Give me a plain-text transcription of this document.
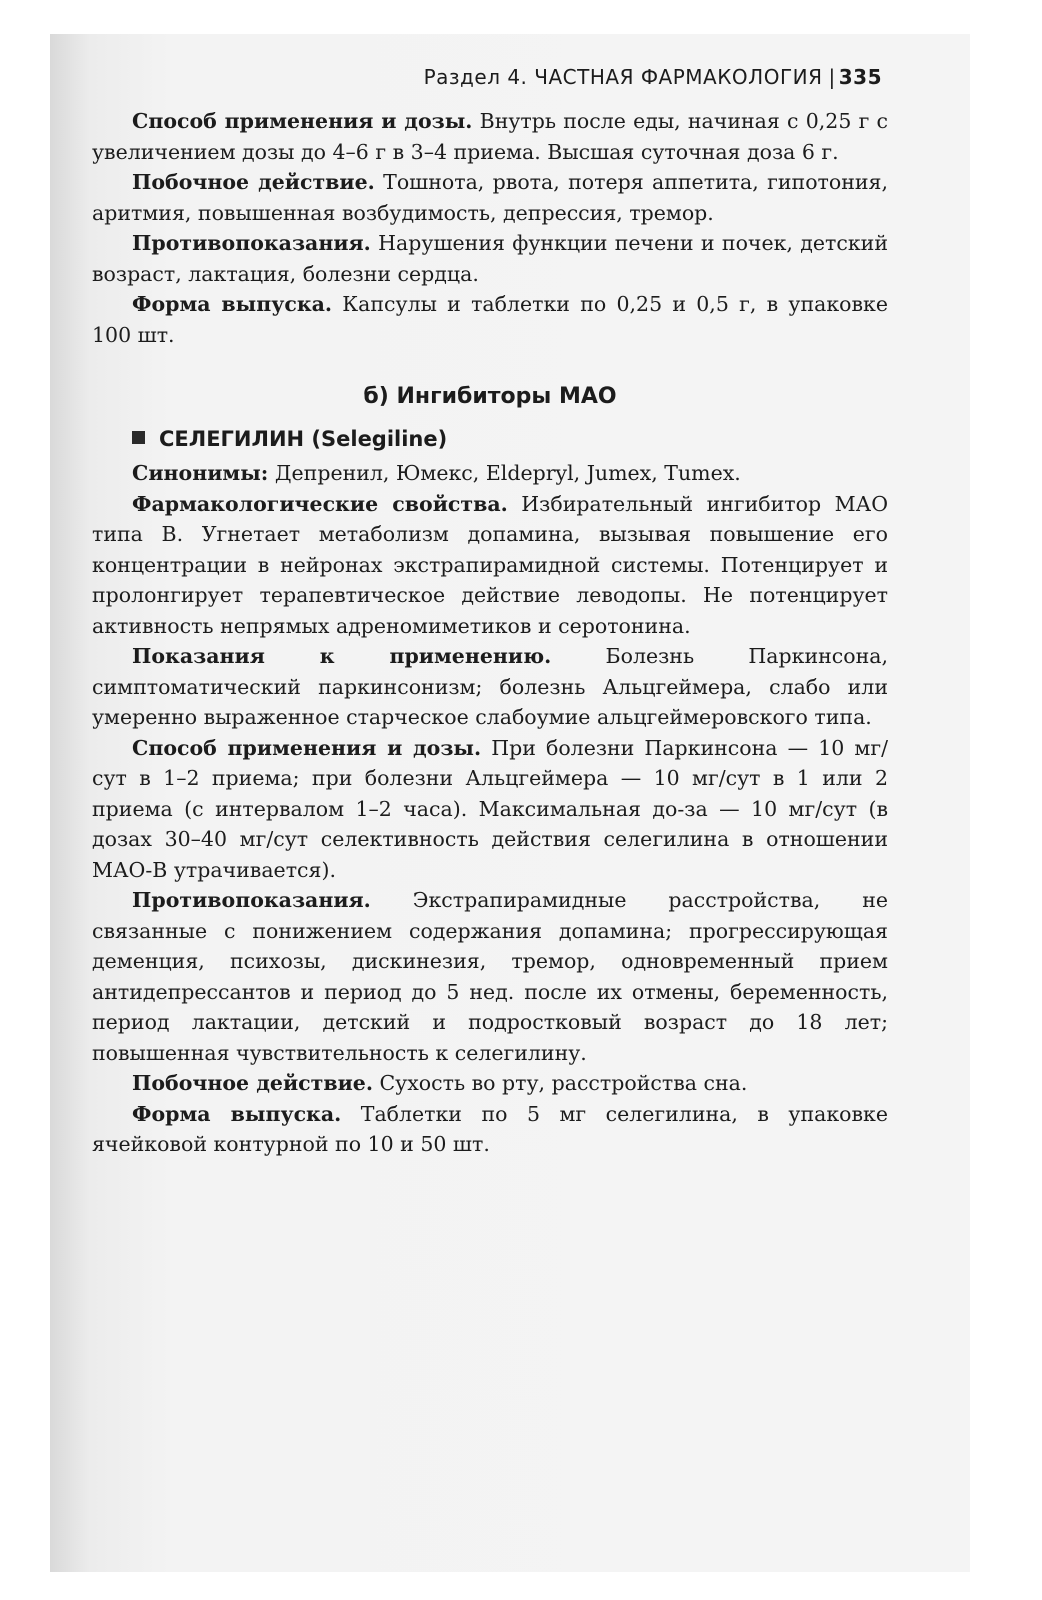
Раздел 4. ЧАСТНАЯ ФАРМАКОЛОГИЯ | 335

Способ применения и дозы. Внутрь после еды, начиная с 0,25 г с увеличением дозы до 4–6 г в 3–4 приема. Высшая суточная доза 6 г.

Побочное действие. Тошнота, рвота, потеря аппетита, гипотония, аритмия, повышенная возбудимость, депрессия, тремор.

Противопоказания. Нарушения функции печени и почек, детский возраст, лактация, болезни сердца.

Форма выпуска. Капсулы и таблетки по 0,25 и 0,5 г, в упаковке 100 шт.

б) Ингибиторы МАО
СЕЛЕГИЛИН (Selegiline)

Синонимы: Депренил, Юмекс, Eldepryl, Jumex, Tumex.

Фармакологические свойства. Избирательный ингибитор МАО типа В. Угнетает метаболизм допамина, вызывая повышение его концентрации в нейронах экстрапирамидной системы. Потенцирует и пролонгирует терапевтическое действие леводопы. Не потенцирует активность непрямых адреномиметиков и серотонина.

Показания к применению. Болезнь Паркинсона, симптоматический паркинсонизм; болезнь Альцгеймера, слабо или умеренно выраженное старческое слабоумие альцгеймеровского типа.

Способ применения и дозы. При болезни Паркинсона — 10 мг/сут в 1–2 приема; при болезни Альцгеймера — 10 мг/сут в 1 или 2 приема (с интервалом 1–2 часа). Максимальная до-за — 10 мг/сут (в дозах 30–40 мг/сут селективность действия селегилина в отношении МАО-В утрачивается).

Противопоказания. Экстрапирамидные расстройства, не связанные с понижением содержания допамина; прогрессирующая деменция, психозы, дискинезия, тремор, одновременный прием антидепрессантов и период до 5 нед. после их отмены, беременность, период лактации, детский и подростковый возраст до 18 лет; повышенная чувствительность к селегилину.

Побочное действие. Сухость во рту, расстройства сна.

Форма выпуска. Таблетки по 5 мг селегилина, в упаковке ячейковой контурной по 10 и 50 шт.
